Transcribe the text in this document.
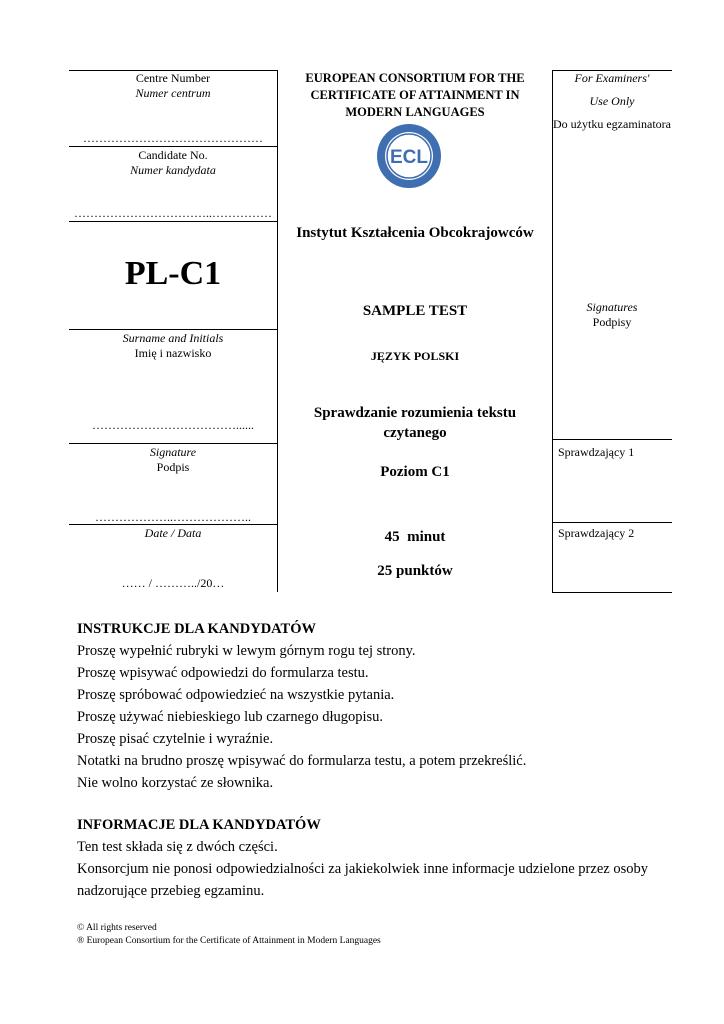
Centre Number
Numer centrum
………………………………………
Candidate No.
Numer kandydata
……………………………..……………
PL-C1
Surname and Initials
Imię i nazwisko
………………………………......
Signature
Podpis
………………..………………..
Date / Data
…… / ………../20…
EUROPEAN CONSORTIUM FOR THE CERTIFICATE OF ATTAINMENT IN MODERN LANGUAGES
ECL
Instytut Kształcenia Obcokrajowców
SAMPLE TEST
JĘZYK POLSKI
Sprawdzanie rozumienia tekstu czytanego
Poziom C1
45  minut
25 punktów
For Examiners'
Use Only
Do użytku egzaminatora
Signatures
Podpisy
Sprawdzający 1
Sprawdzający 2

INSTRUKCJE DLA KANDYDATÓW

Proszę wypełnić rubryki w lewym górnym rogu tej strony.

Proszę wpisywać odpowiedzi do formularza testu.

Proszę spróbować odpowiedzieć na wszystkie pytania.

Proszę używać niebieskiego lub czarnego długopisu.

Proszę pisać czytelnie i wyraźnie.

Notatki na brudno proszę wpisywać do formularza testu, a potem przekreślić.

Nie wolno korzystać ze słownika.

INFORMACJE DLA KANDYDATÓW

Ten test składa się z dwóch części.

Konsorcjum nie ponosi odpowiedzialności za jakiekolwiek inne informacje udzielone przez osoby

nadzorujące przebieg egzaminu.

© All rights reserved
® European Consortium for the Certificate of Attainment in Modern Languages
